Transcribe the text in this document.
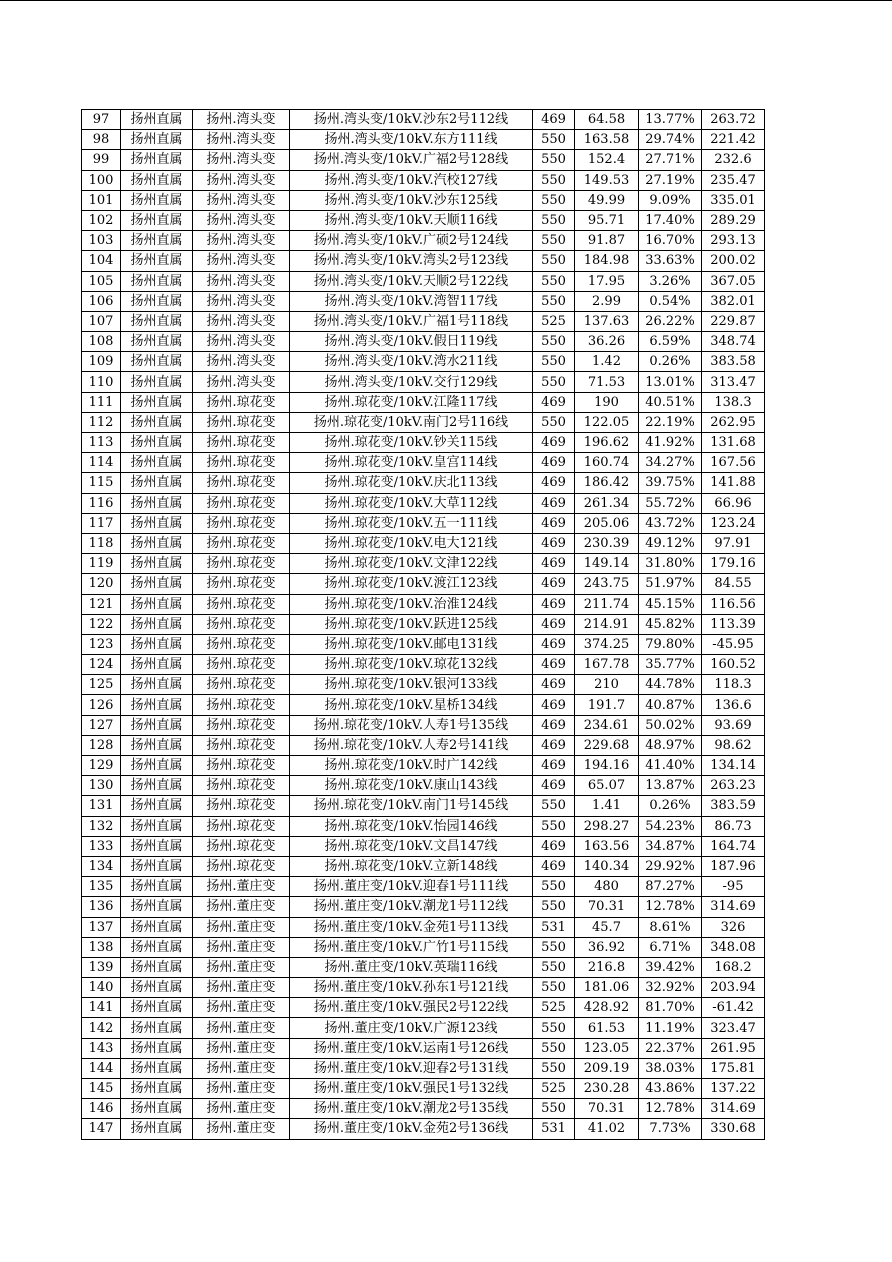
97	扬州直属	扬州.湾头变	扬州.湾头变/10kV.沙东2号112线	469	64.58	13.77%	263.72
98	扬州直属	扬州.湾头变	扬州.湾头变/10kV.东方111线	550	163.58	29.74%	221.42
99	扬州直属	扬州.湾头变	扬州.湾头变/10kV.广福2号128线	550	152.4	27.71%	232.6
100	扬州直属	扬州.湾头变	扬州.湾头变/10kV.汽校127线	550	149.53	27.19%	235.47
101	扬州直属	扬州.湾头变	扬州.湾头变/10kV.沙东125线	550	49.99	9.09%	335.01
102	扬州直属	扬州.湾头变	扬州.湾头变/10kV.天顺116线	550	95.71	17.40%	289.29
103	扬州直属	扬州.湾头变	扬州.湾头变/10kV.广硕2号124线	550	91.87	16.70%	293.13
104	扬州直属	扬州.湾头变	扬州.湾头变/10kV.湾头2号123线	550	184.98	33.63%	200.02
105	扬州直属	扬州.湾头变	扬州.湾头变/10kV.天顺2号122线	550	17.95	3.26%	367.05
106	扬州直属	扬州.湾头变	扬州.湾头变/10kV.湾智117线	550	2.99	0.54%	382.01
107	扬州直属	扬州.湾头变	扬州.湾头变/10kV.广福1号118线	525	137.63	26.22%	229.87
108	扬州直属	扬州.湾头变	扬州.湾头变/10kV.假日119线	550	36.26	6.59%	348.74
109	扬州直属	扬州.湾头变	扬州.湾头变/10kV.湾水211线	550	1.42	0.26%	383.58
110	扬州直属	扬州.湾头变	扬州.湾头变/10kV.交行129线	550	71.53	13.01%	313.47
111	扬州直属	扬州.琼花变	扬州.琼花变/10kV.江隆117线	469	190	40.51%	138.3
112	扬州直属	扬州.琼花变	扬州.琼花变/10kV.南门2号116线	550	122.05	22.19%	262.95
113	扬州直属	扬州.琼花变	扬州.琼花变/10kV.钞关115线	469	196.62	41.92%	131.68
114	扬州直属	扬州.琼花变	扬州.琼花变/10kV.皇宫114线	469	160.74	34.27%	167.56
115	扬州直属	扬州.琼花变	扬州.琼花变/10kV.庆北113线	469	186.42	39.75%	141.88
116	扬州直属	扬州.琼花变	扬州.琼花变/10kV.大草112线	469	261.34	55.72%	66.96
117	扬州直属	扬州.琼花变	扬州.琼花变/10kV.五一111线	469	205.06	43.72%	123.24
118	扬州直属	扬州.琼花变	扬州.琼花变/10kV.电大121线	469	230.39	49.12%	97.91
119	扬州直属	扬州.琼花变	扬州.琼花变/10kV.文津122线	469	149.14	31.80%	179.16
120	扬州直属	扬州.琼花变	扬州.琼花变/10kV.渡江123线	469	243.75	51.97%	84.55
121	扬州直属	扬州.琼花变	扬州.琼花变/10kV.治淮124线	469	211.74	45.15%	116.56
122	扬州直属	扬州.琼花变	扬州.琼花变/10kV.跃进125线	469	214.91	45.82%	113.39
123	扬州直属	扬州.琼花变	扬州.琼花变/10kV.邮电131线	469	374.25	79.80%	-45.95
124	扬州直属	扬州.琼花变	扬州.琼花变/10kV.琼花132线	469	167.78	35.77%	160.52
125	扬州直属	扬州.琼花变	扬州.琼花变/10kV.银河133线	469	210	44.78%	118.3
126	扬州直属	扬州.琼花变	扬州.琼花变/10kV.星桥134线	469	191.7	40.87%	136.6
127	扬州直属	扬州.琼花变	扬州.琼花变/10kV.人寿1号135线	469	234.61	50.02%	93.69
128	扬州直属	扬州.琼花变	扬州.琼花变/10kV.人寿2号141线	469	229.68	48.97%	98.62
129	扬州直属	扬州.琼花变	扬州.琼花变/10kV.时广142线	469	194.16	41.40%	134.14
130	扬州直属	扬州.琼花变	扬州.琼花变/10kV.康山143线	469	65.07	13.87%	263.23
131	扬州直属	扬州.琼花变	扬州.琼花变/10kV.南门1号145线	550	1.41	0.26%	383.59
132	扬州直属	扬州.琼花变	扬州.琼花变/10kV.怡园146线	550	298.27	54.23%	86.73
133	扬州直属	扬州.琼花变	扬州.琼花变/10kV.文昌147线	469	163.56	34.87%	164.74
134	扬州直属	扬州.琼花变	扬州.琼花变/10kV.立新148线	469	140.34	29.92%	187.96
135	扬州直属	扬州.董庄变	扬州.董庄变/10kV.迎春1号111线	550	480	87.27%	-95
136	扬州直属	扬州.董庄变	扬州.董庄变/10kV.潮龙1号112线	550	70.31	12.78%	314.69
137	扬州直属	扬州.董庄变	扬州.董庄变/10kV.金苑1号113线	531	45.7	8.61%	326
138	扬州直属	扬州.董庄变	扬州.董庄变/10kV.广竹1号115线	550	36.92	6.71%	348.08
139	扬州直属	扬州.董庄变	扬州.董庄变/10kV.英瑞116线	550	216.8	39.42%	168.2
140	扬州直属	扬州.董庄变	扬州.董庄变/10kV.孙东1号121线	550	181.06	32.92%	203.94
141	扬州直属	扬州.董庄变	扬州.董庄变/10kV.强民2号122线	525	428.92	81.70%	-61.42
142	扬州直属	扬州.董庄变	扬州.董庄变/10kV.广源123线	550	61.53	11.19%	323.47
143	扬州直属	扬州.董庄变	扬州.董庄变/10kV.运南1号126线	550	123.05	22.37%	261.95
144	扬州直属	扬州.董庄变	扬州.董庄变/10kV.迎春2号131线	550	209.19	38.03%	175.81
145	扬州直属	扬州.董庄变	扬州.董庄变/10kV.强民1号132线	525	230.28	43.86%	137.22
146	扬州直属	扬州.董庄变	扬州.董庄变/10kV.潮龙2号135线	550	70.31	12.78%	314.69
147	扬州直属	扬州.董庄变	扬州.董庄变/10kV.金苑2号136线	531	41.02	7.73%	330.68
